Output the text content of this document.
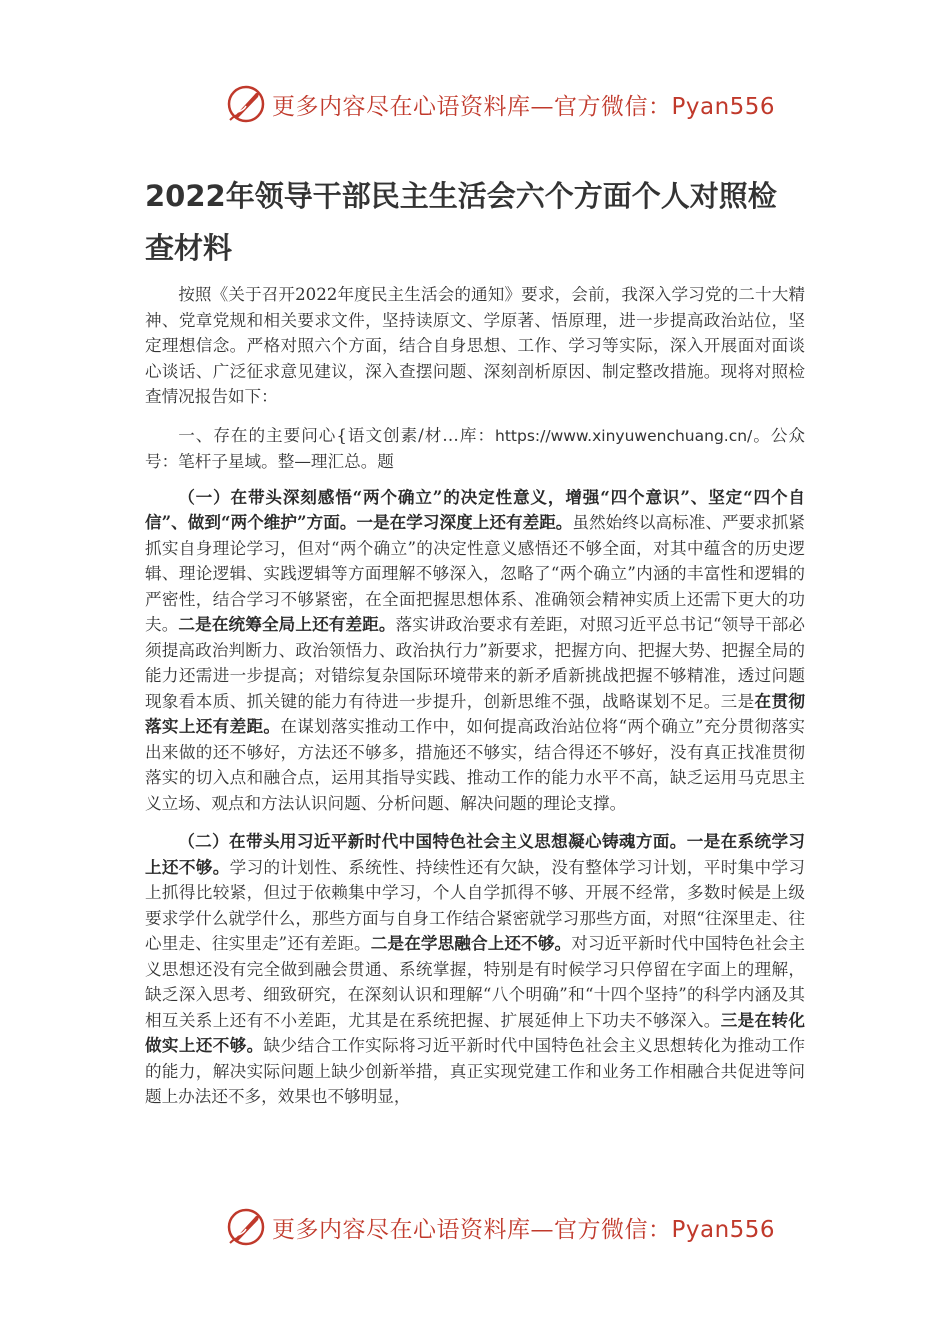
更多内容尽在心语资料库—官方微信：Pyan556
2022年领导干部民主生活会六个方面个人对照检查材料

按照《关于召开2022年度民主生活会的通知》要求，会前，我深入学习党的二十大精神、党章党规和相关要求文件，坚持读原文、学原著、悟原理，进一步提高政治站位，坚定理想信念。严格对照六个方面，结合自身思想、工作、学习等实际，深入开展面对面谈心谈话、广泛征求意见建议，深入查摆问题、深刻剖析原因、制定整改措施。现将对照检查情况报告如下：

一、存在的主要问心{语文创素/材…库：https://www.xinyuwenchuang.cn/。公众号：笔杆子星域。整—理汇总。题

（一）在带头深刻感悟“两个确立”的决定性意义，增强“四个意识”、坚定“四个自信”、做到“两个维护”方面。一是在学习深度上还有差距。虽然始终以高标准、严要求抓紧抓实自身理论学习，但对“两个确立”的决定性意义感悟还不够全面，对其中蕴含的历史逻辑、理论逻辑、实践逻辑等方面理解不够深入，忽略了“两个确立”内涵的丰富性和逻辑的严密性，结合学习不够紧密，在全面把握思想体系、准确领会精神实质上还需下更大的功夫。二是在统筹全局上还有差距。落实讲政治要求有差距，对照习近平总书记“领导干部必须提高政治判断力、政治领悟力、政治执行力”新要求，把握方向、把握大势、把握全局的能力还需进一步提高；对错综复杂国际环境带来的新矛盾新挑战把握不够精准，透过问题现象看本质、抓关键的能力有待进一步提升，创新思维不强，战略谋划不足。三是在贯彻落实上还有差距。在谋划落实推动工作中，如何提高政治站位将“两个确立”充分贯彻落实出来做的还不够好，方法还不够多，措施还不够实，结合得还不够好，没有真正找准贯彻落实的切入点和融合点，运用其指导实践、推动工作的能力水平不高，缺乏运用马克思主义立场、观点和方法认识问题、分析问题、解决问题的理论支撑。

（二）在带头用习近平新时代中国特色社会主义思想凝心铸魂方面。一是在系统学习上还不够。学习的计划性、系统性、持续性还有欠缺，没有整体学习计划，平时集中学习上抓得比较紧，但过于依赖集中学习，个人自学抓得不够、开展不经常，多数时候是上级要求学什么就学什么，那些方面与自身工作结合紧密就学习那些方面，对照“往深里走、往心里走、往实里走”还有差距。二是在学思融合上还不够。对习近平新时代中国特色社会主义思想还没有完全做到融会贯通、系统掌握，特别是有时候学习只停留在字面上的理解，缺乏深入思考、细致研究，在深刻认识和理解“八个明确”和“十四个坚持”的科学内涵及其相互关系上还有不小差距，尤其是在系统把握、扩展延伸上下功夫不够深入。三是在转化做实上还不够。缺少结合工作实际将习近平新时代中国特色社会主义思想转化为推动工作的能力，解决实际问题上缺少创新举措，真正实现党建工作和业务工作相融合共促进等问题上办法还不多，效果也不够明显，

更多内容尽在心语资料库—官方微信：Pyan556
